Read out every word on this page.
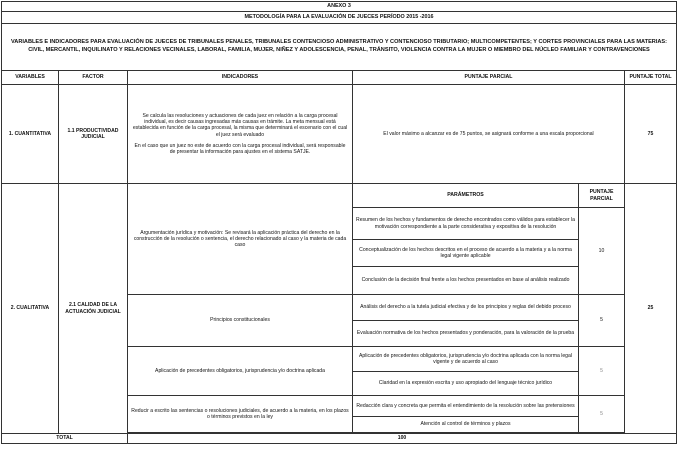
ANEXO 3					
METODOLOGÍA PARA LA EVALUACIÓN DE JUECES PERÍODO 2015 -2016					
VARIABLES E INDICADORES PARA EVALUACIÓN DE JUECES DE TRIBUNALES PENALES, TRIBUNALES CONTENCIOSO ADMINISTRATIVO Y CONTENCIOSO TRIBUTARIO; MULTICOMPETENTES; Y CORTES PROVINCIALES PARA LAS MATERIAS: CIVIL, MERCANTIL, INQUILINATO Y RELACIONES VECINALES, LABORAL, FAMILIA, MUJER, NIÑEZ Y ADOLESCENCIA, PENAL, TRÁNSITO, VIOLENCIA CONTRA LA MUJER O MIEMBRO DEL NÚCLEO FAMILIAR Y CONTRAVENCIONES					
VARIABLES	FACTOR	INDICADORES	PUNTAJE PARCIAL		PUNTAJE TOTAL
1. CUANTITATIVA	1.1 PRODUCTIVIDAD JUDICIAL	Se calcula las resoluciones y actuaciones de cada juez en relación a la carga procesal individual, es decir causas ingresadas más causas en trámite. La meta mensual está establecida en función de la carga procesal, la misma que determinará el escenario con el cual el juez será evaluado

En el caso que un juez no este de acuerdo con la carga procesal individual, será responsable de presentar la información para ajustes en el sistema SATJE.	El valor máximo a alcanzar es de 75 puntos, se asignará conforme a una escala proporcional		75
2. CUALITATIVA	2.1 CALIDAD DE LA ACTUACIÓN JUDICIAL	Argumentación jurídica y motivación: Se revisará la aplicación práctica del derecho en la construcción de la resolución o sentencia, el derecho relacionado al caso y la materia de cada caso	PARÁMETROS	PUNTAJE PARCIAL	25
			Resumen de los hechos y fundamentos de derecho encontrados como válidos para establecer la motivación correspondiente a la parte considerativa y expositiva de la resolución	10	
			Conceptualización de los hechos descritos en el proceso de acuerdo a la materia y a la norma legal vigente aplicable		
			Conclusión de la decisión final frente a los hechos presentados en base al análisis realizado		
		Principios constitucionales	Análisis del derecho a la tutela judicial efectiva y de los principios y reglas del debido proceso	5	
			Evaluación normativa de los hechos presentados y ponderación, para la valoración de la prueba		
		Aplicación de precedentes obligatorios, jurisprudencia y/o doctrina aplicada	Aplicación de precedentes obligatorios, jurisprudencia y/o doctrina aplicada con la norma legal vigente y de acuerdo al caso	5	
			Claridad en la expresión escrita y uso apropiado del lenguaje técnico jurídico		
		Reducir a escrito las sentencias o resoluciones judiciales, de acuerdo a la materia, en los plazos o términos previstos en la ley	Redacción clara y concreta que permita el entendimiento de la resolución sobre las pretensiones	5	
			Atención al control de términos y plazos		

TOTAL		100			
